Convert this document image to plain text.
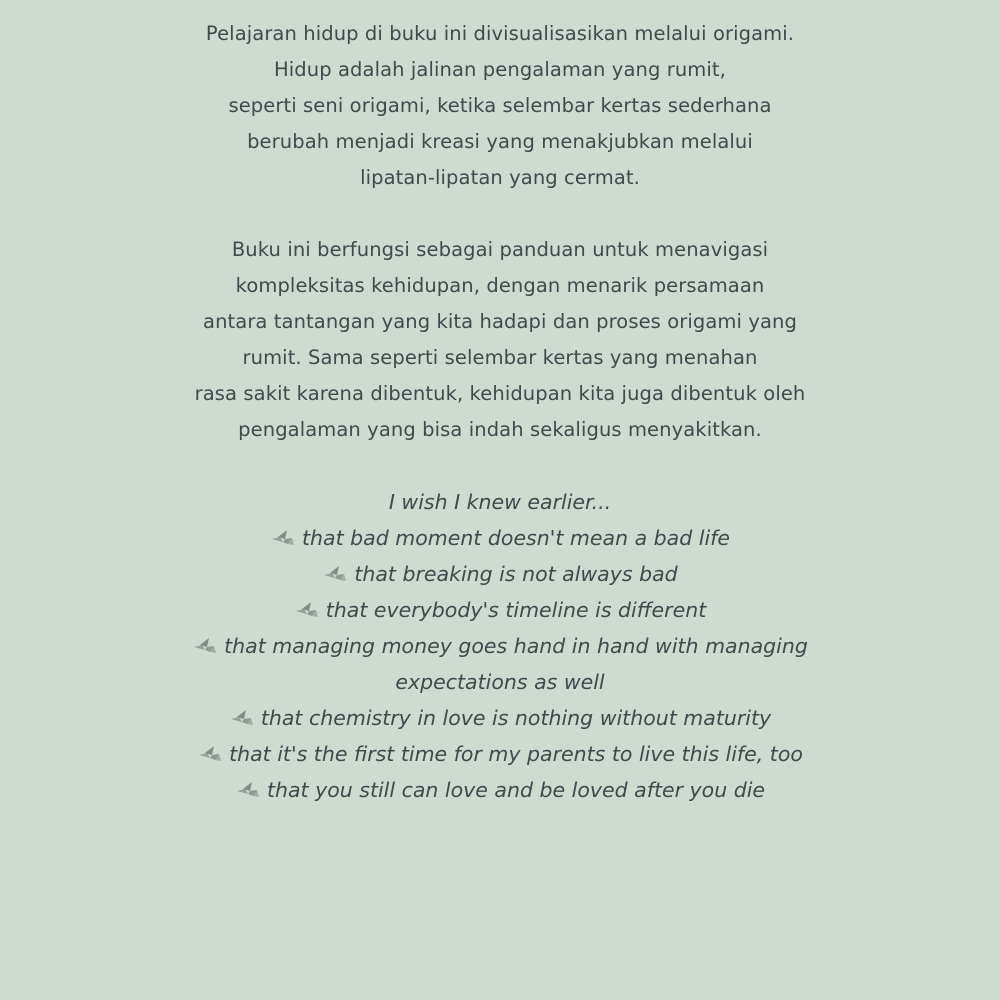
Pelajaran hidup di buku ini divisualisasikan melalui origami.
Hidup adalah jalinan pengalaman yang rumit,
seperti seni origami, ketika selembar kertas sederhana
berubah menjadi kreasi yang menakjubkan melalui
lipatan-lipatan yang cermat.
Buku ini berfungsi sebagai panduan untuk menavigasi
kompleksitas kehidupan, dengan menarik persamaan
antara tantangan yang kita hadapi dan proses origami yang
rumit. Sama seperti selembar kertas yang menahan
rasa sakit karena dibentuk, kehidupan kita juga dibentuk oleh
pengalaman yang bisa indah sekaligus menyakitkan.
I wish I knew earlier...
that bad moment doesn't mean a bad life
that breaking is not always bad
that everybody's timeline is different
that managing money goes hand in hand with managing
expectations as well
that chemistry in love is nothing without maturity
that it's the first time for my parents to live this life, too
that you still can love and be loved after you die
